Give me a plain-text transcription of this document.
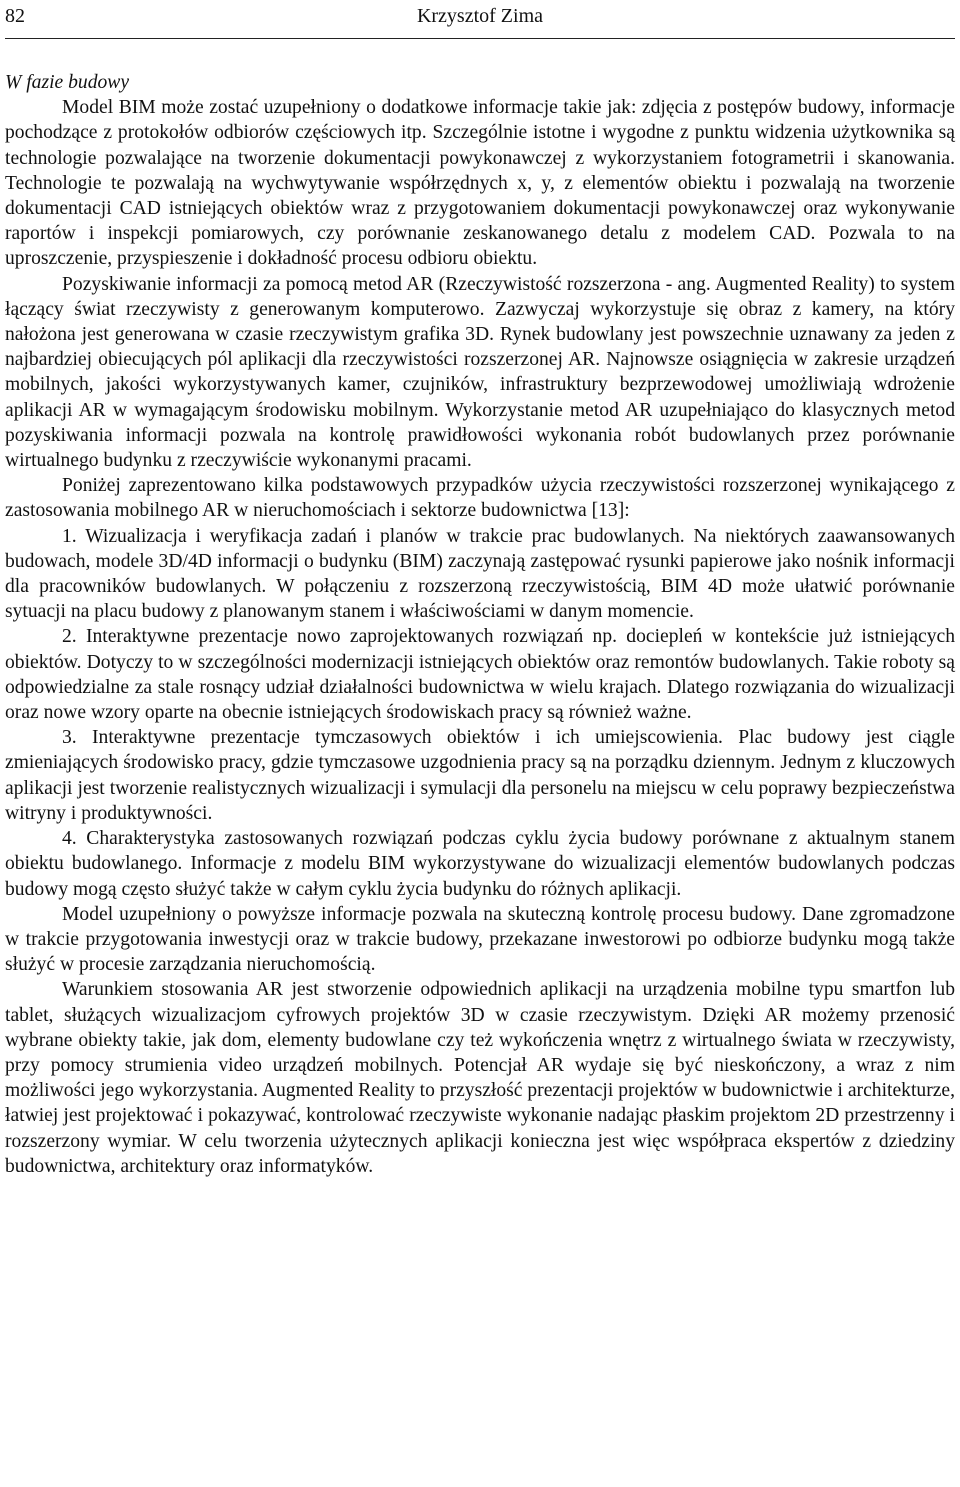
82	Krzysztof Zima
W fazie budowy

Model BIM może zostać uzupełniony o dodatkowe informacje takie jak: zdjęcia z postępów budowy, informacje pochodzące z protokołów odbiorów częściowych itp. Szczególnie istotne i wygodne z punktu widzenia użytkownika są technologie pozwalające na tworzenie dokumentacji powykonawczej z wykorzystaniem fotogrametrii i skanowania. Technologie te pozwalają na wychwytywanie współrzędnych x, y, z elementów obiektu i pozwalają na tworzenie dokumentacji CAD istniejących obiektów wraz z przygotowaniem dokumentacji powykonawczej oraz wykonywanie raportów i inspekcji pomiarowych, czy porównanie zeskanowanego detalu z modelem CAD. Pozwala to na uproszczenie, przyspieszenie i dokładność procesu odbioru obiektu.

Pozyskiwanie informacji za pomocą metod AR (Rzeczywistość rozszerzona - ang. Augmented Reality) to system łączący świat rzeczywisty z generowanym komputerowo. Zazwyczaj wykorzystuje się obraz z kamery, na który nałożona jest generowana w czasie rzeczywistym grafika 3D. Rynek budowlany jest powszechnie uznawany za jeden z najbardziej obiecujących pól aplikacji dla rzeczywistości rozszerzonej AR. Najnowsze osiągnięcia w zakresie urządzeń mobilnych, jakości wykorzystywanych kamer, czujników, infrastruktury bezprzewodowej umożliwiają wdrożenie aplikacji AR w wymagającym środowisku mobilnym. Wykorzystanie metod AR uzupełniająco do klasycznych metod pozyskiwania informacji pozwala na kontrolę prawidłowości wykonania robót budowlanych przez porównanie wirtualnego budynku z rzeczywiście wykonanymi pracami.

Poniżej zaprezentowano kilka podstawowych przypadków użycia rzeczywistości rozszerzonej wynikającego z zastosowania mobilnego AR w nieruchomościach i sektorze budownictwa [13]:

1. Wizualizacja i weryfikacja zadań i planów w trakcie prac budowlanych. Na niektórych zaawansowanych budowach, modele 3D/4D informacji o budynku (BIM) zaczynają zastępować rysunki papierowe jako nośnik informacji dla pracowników budowlanych. W połączeniu z rozszerzoną rzeczywistością, BIM 4D może ułatwić porównanie sytuacji na placu budowy z planowanym stanem i właściwościami w danym momencie.

2. Interaktywne prezentacje nowo zaprojektowanych rozwiązań np. dociepleń w kontekście już istniejących obiektów. Dotyczy to w szczególności modernizacji istniejących obiektów oraz remontów budowlanych. Takie roboty są odpowiedzialne za stale rosnący udział działalności budownictwa w wielu krajach. Dlatego rozwiązania do wizualizacji oraz nowe wzory oparte na obecnie istniejących środowiskach pracy są również ważne.

3. Interaktywne prezentacje tymczasowych obiektów i ich umiejscowienia. Plac budowy jest ciągle zmieniających środowisko pracy, gdzie tymczasowe uzgodnienia pracy są na porządku dziennym. Jednym z kluczowych aplikacji jest tworzenie realistycznych wizualizacji i symulacji dla personelu na miejscu w celu poprawy bezpieczeństwa witryny i produktywności.

4. Charakterystyka zastosowanych rozwiązań podczas cyklu życia budowy porównane z aktualnym stanem obiektu budowlanego. Informacje z modelu BIM wykorzystywane do wizualizacji elementów budowlanych podczas budowy mogą często służyć także w całym cyklu życia budynku do różnych aplikacji.

Model uzupełniony o powyższe informacje pozwala na skuteczną kontrolę procesu budowy. Dane zgromadzone w trakcie przygotowania inwestycji oraz w trakcie budowy, przekazane inwestorowi po odbiorze budynku mogą także służyć w procesie zarządzania nieruchomością.

Warunkiem stosowania AR jest stworzenie odpowiednich aplikacji na urządzenia mobilne typu smartfon lub tablet, służących wizualizacjom cyfrowych projektów 3D w czasie rzeczywistym. Dzięki AR możemy przenosić wybrane obiekty takie, jak dom, elementy budowlane czy też wykończenia wnętrz z wirtualnego świata w rzeczywisty, przy pomocy strumienia video urządzeń mobilnych. Potencjał AR wydaje się być nieskończony, a wraz z nim możliwości jego wykorzystania. Augmented Reality to przyszłość prezentacji projektów w budownictwie i architekturze, łatwiej jest projektować i pokazywać, kontrolować rzeczywiste wykonanie nadając płaskim projektom 2D przestrzenny i rozszerzony wymiar. W celu tworzenia użytecznych aplikacji konieczna jest więc współpraca ekspertów z dziedziny budownictwa, architektury oraz informatyków.
